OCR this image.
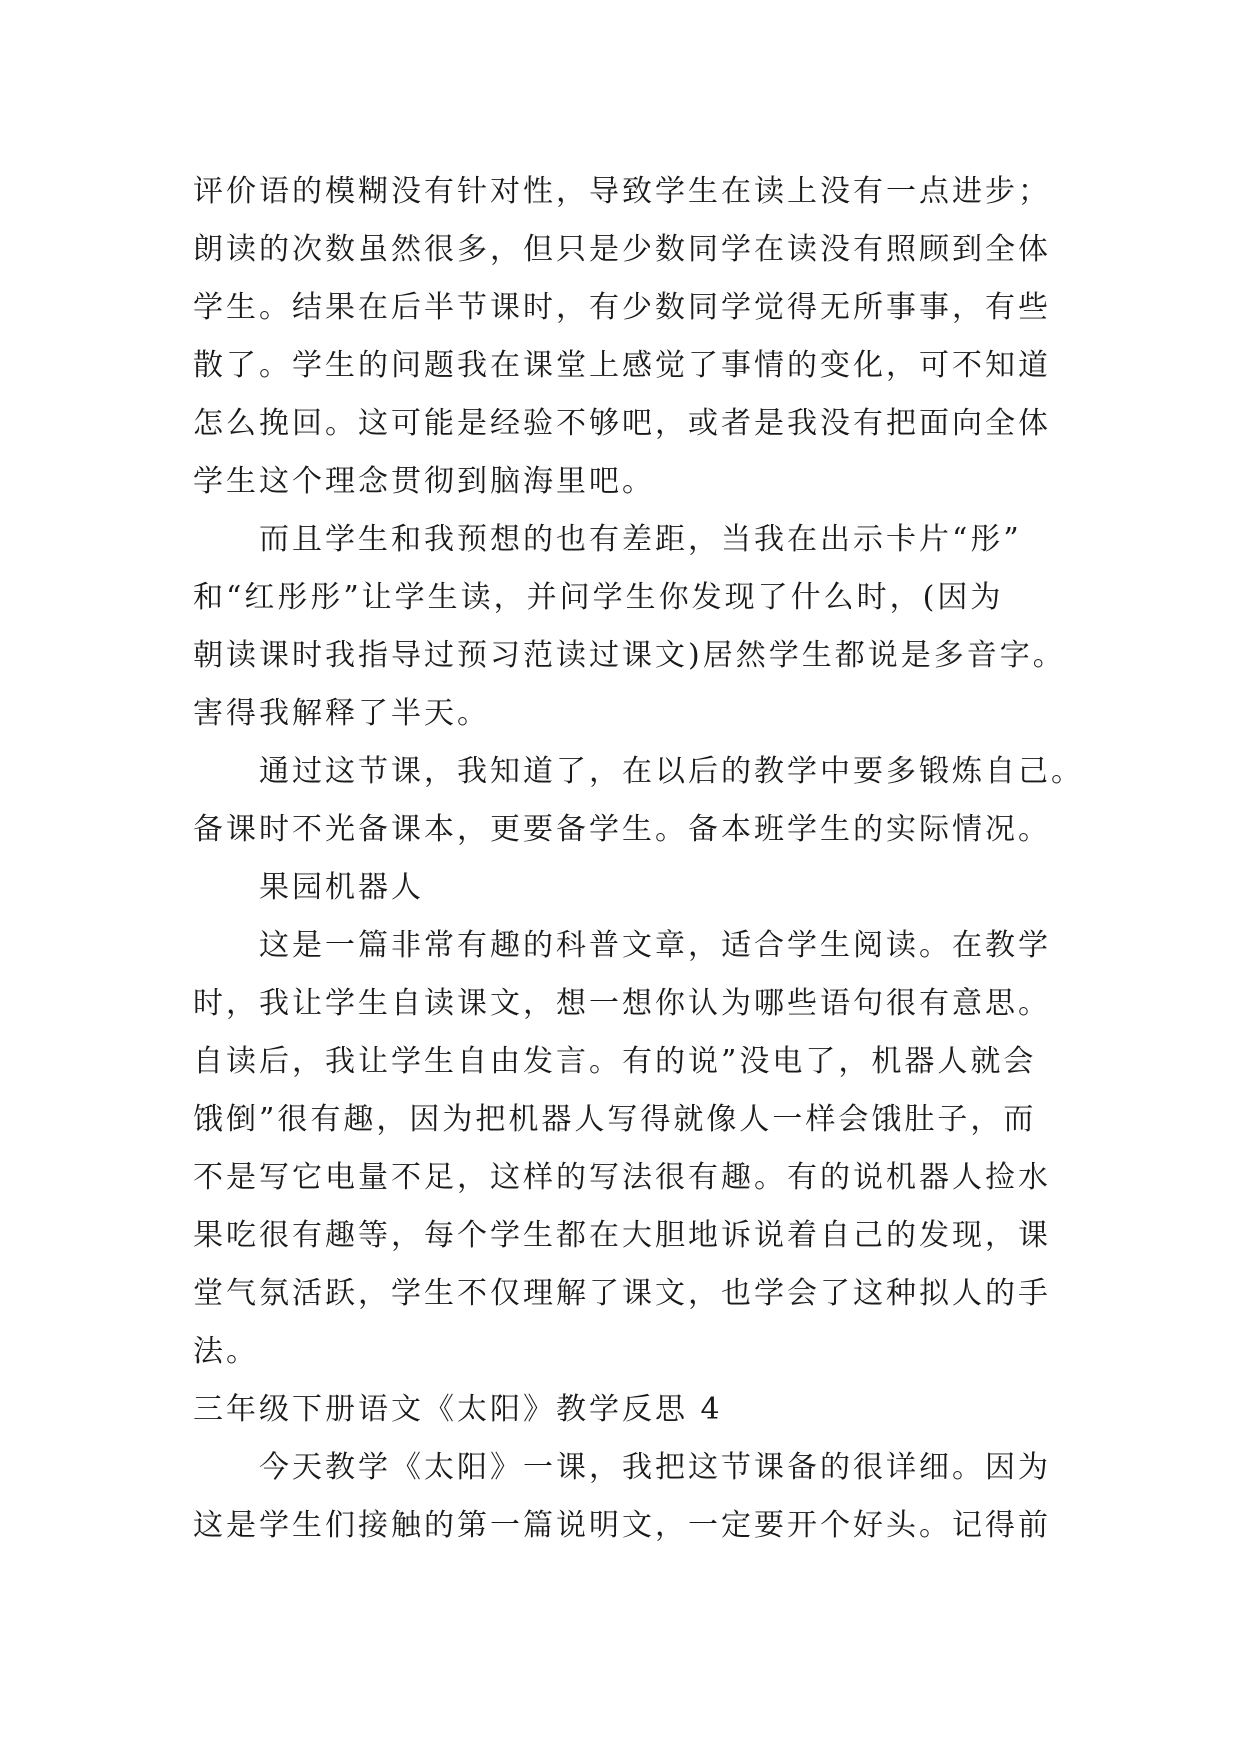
评价语的模糊没有针对性，导致学生在读上没有一点进步；
朗读的次数虽然很多，但只是少数同学在读没有照顾到全体
学生。结果在后半节课时，有少数同学觉得无所事事，有些
散了。学生的问题我在课堂上感觉了事情的变化，可不知道
怎么挽回。这可能是经验不够吧，或者是我没有把面向全体
学生这个理念贯彻到脑海里吧。
而且学生和我预想的也有差距，当我在出示卡片“彤”
和“红彤彤”让学生读，并问学生你发现了什么时，(因为
朝读课时我指导过预习范读过课文)居然学生都说是多音字。
害得我解释了半天。
通过这节课，我知道了，在以后的教学中要多锻炼自己。
备课时不光备课本，更要备学生。备本班学生的实际情况。
果园机器人
这是一篇非常有趣的科普文章，适合学生阅读。在教学
时，我让学生自读课文，想一想你认为哪些语句很有意思。
自读后，我让学生自由发言。有的说”没电了，机器人就会
饿倒”很有趣，因为把机器人写得就像人一样会饿肚子，而
不是写它电量不足，这样的写法很有趣。有的说机器人捡水
果吃很有趣等，每个学生都在大胆地诉说着自己的发现，课
堂气氛活跃，学生不仅理解了课文，也学会了这种拟人的手
法。
三年级下册语文《太阳》教学反思 4
今天教学《太阳》一课，我把这节课备的很详细。因为
这是学生们接触的第一篇说明文，一定要开个好头。记得前
